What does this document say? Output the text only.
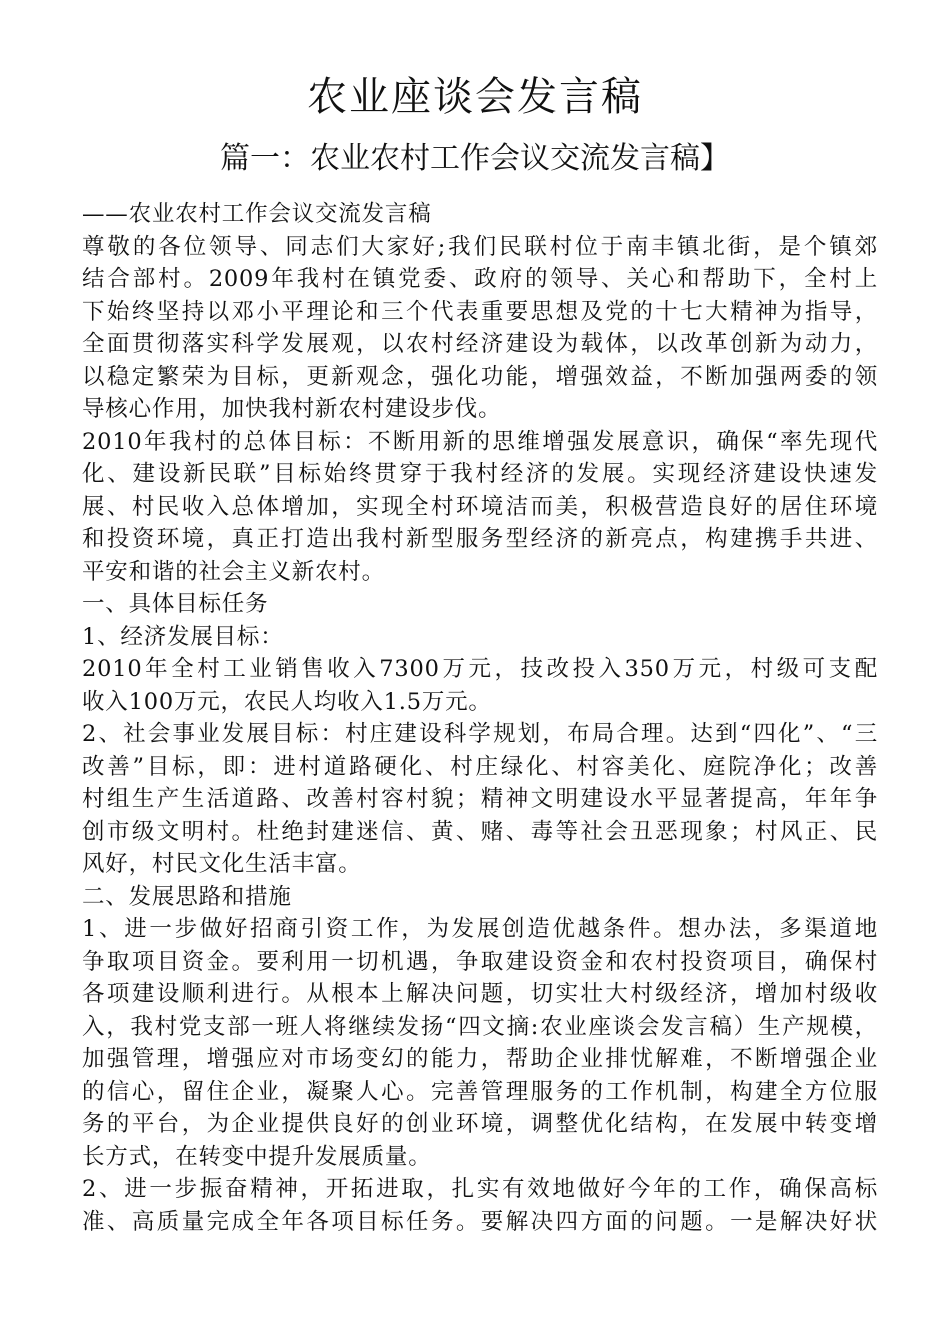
农业座谈会发言稿
篇一：农业农村工作会议交流发言稿】
——农业农村工作会议交流发言稿
尊敬的各位领导、同志们大家好;我们民联村位于南丰镇北街，是个镇郊
结合部村。2009年我村在镇党委、政府的领导、关心和帮助下，全村上
下始终坚持以邓小平理论和三个代表重要思想及党的十七大精神为指导，
全面贯彻落实科学发展观，以农村经济建设为载体，以改革创新为动力，
以稳定繁荣为目标，更新观念，强化功能，增强效益，不断加强两委的领
导核心作用，加快我村新农村建设步伐。
2010年我村的总体目标：不断用新的思维增强发展意识，确保“率先现代
化、建设新民联”目标始终贯穿于我村经济的发展。实现经济建设快速发
展、村民收入总体增加，实现全村环境洁而美，积极营造良好的居住环境
和投资环境，真正打造出我村新型服务型经济的新亮点，构建携手共进、
平安和谐的社会主义新农村。
一、具体目标任务
1、经济发展目标：
2010年全村工业销售收入7300万元，技改投入350万元，村级可支配
收入100万元，农民人均收入1.5万元。
2、社会事业发展目标：村庄建设科学规划，布局合理。达到“四化”、“三
改善”目标，即：进村道路硬化、村庄绿化、村容美化、庭院净化；改善
村组生产生活道路、改善村容村貌；精神文明建设水平显著提高，年年争
创市级文明村。杜绝封建迷信、黄、赌、毒等社会丑恶现象；村风正、民
风好，村民文化生活丰富。
二、发展思路和措施
1、进一步做好招商引资工作，为发展创造优越条件。想办法，多渠道地
争取项目资金。要利用一切机遇，争取建设资金和农村投资项目，确保村
各项建设顺利进行。从根本上解决问题，切实壮大村级经济，增加村级收
入，我村党支部一班人将继续发扬“四文摘:农业座谈会发言稿）生产规模，
加强管理，增强应对市场变幻的能力，帮助企业排忧解难，不断增强企业
的信心，留住企业，凝聚人心。完善管理服务的工作机制，构建全方位服
务的平台，为企业提供良好的创业环境，调整优化结构，在发展中转变增
长方式，在转变中提升发展质量。
2、进一步振奋精神，开拓进取，扎实有效地做好今年的工作，确保高标
准、高质量完成全年各项目标任务。要解决四方面的问题。一是解决好状
